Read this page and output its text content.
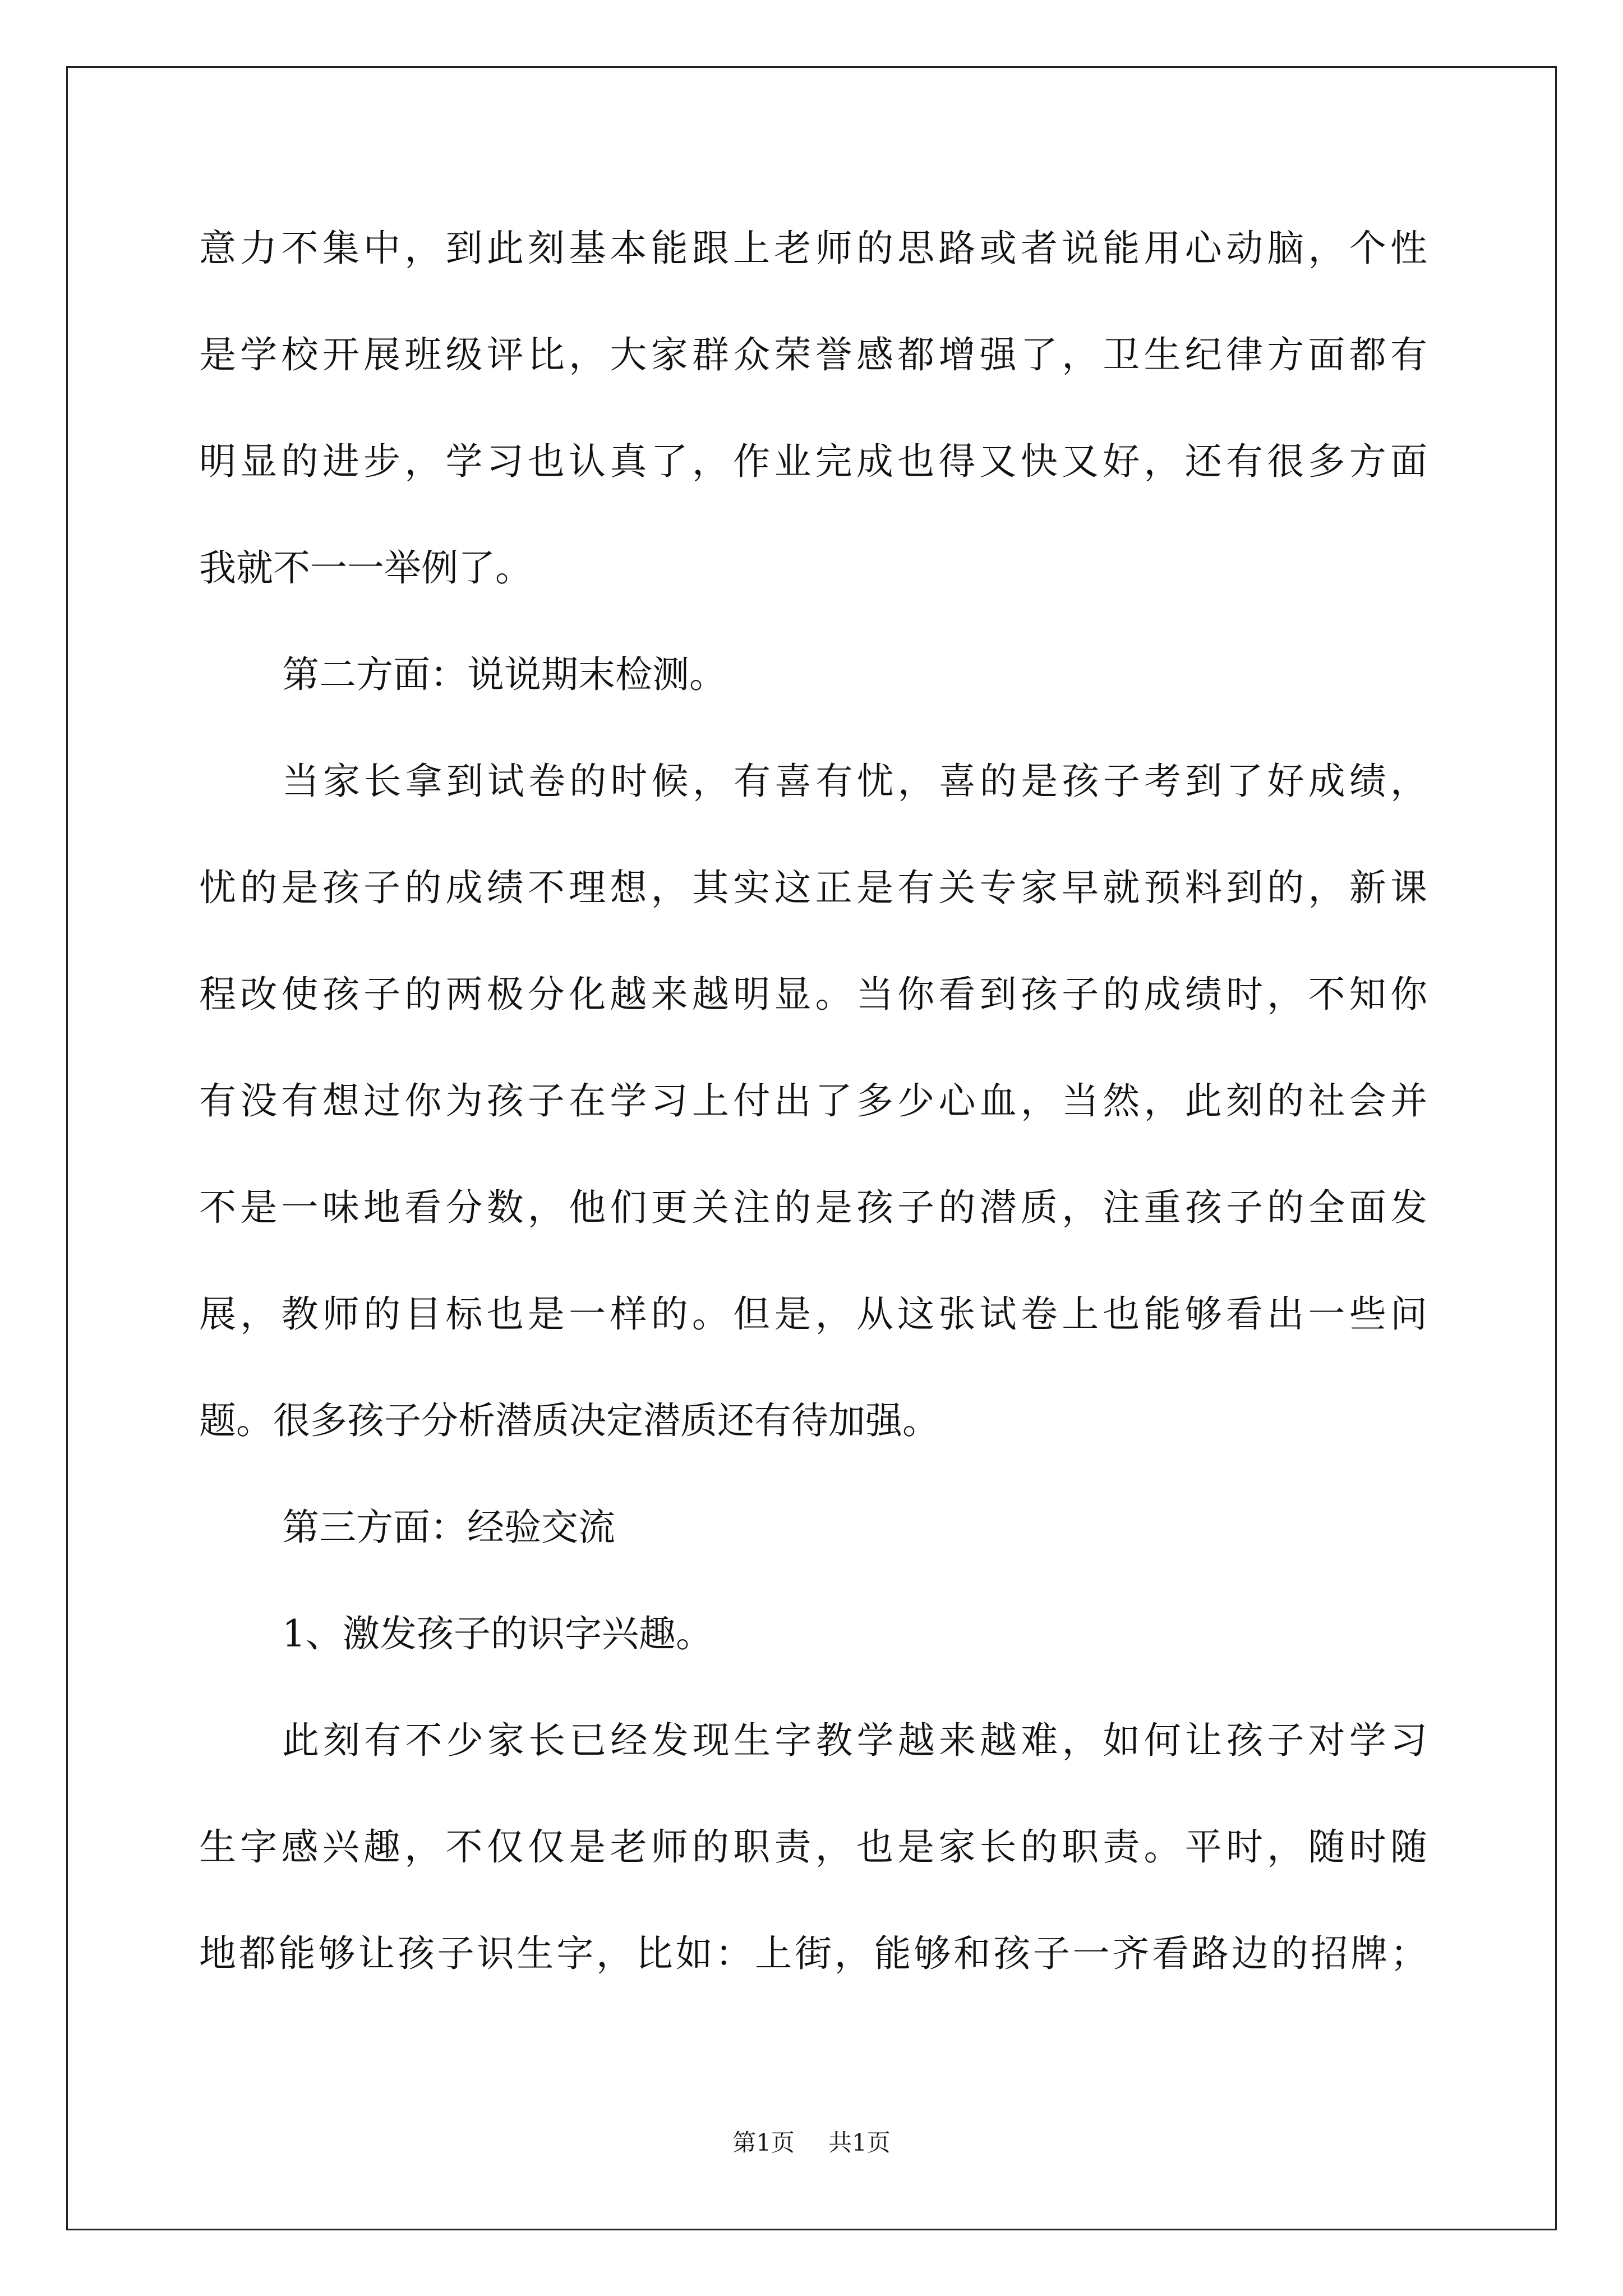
意力不集中，到此刻基本能跟上老师的思路或者说能用心动脑，个性

是学校开展班级评比，大家群众荣誉感都增强了，卫生纪律方面都有

明显的进步，学习也认真了，作业完成也得又快又好，还有很多方面

我就不一一举例了。

第二方面：说说期末检测。

当家长拿到试卷的时候，有喜有忧，喜的是孩子考到了好成绩，

忧的是孩子的成绩不理想，其实这正是有关专家早就预料到的，新课

程改使孩子的两极分化越来越明显。当你看到孩子的成绩时，不知你

有没有想过你为孩子在学习上付出了多少心血，当然，此刻的社会并

不是一味地看分数，他们更关注的是孩子的潜质，注重孩子的全面发

展，教师的目标也是一样的。但是，从这张试卷上也能够看出一些问

题。很多孩子分析潜质决定潜质还有待加强。

第三方面：经验交流

1、激发孩子的识字兴趣。

此刻有不少家长已经发现生字教学越来越难，如何让孩子对学习

生字感兴趣，不仅仅是老师的职责，也是家长的职责。平时，随时随

地都能够让孩子识生字，比如：上街，能够和孩子一齐看路边的招牌；

第1页 共1页
